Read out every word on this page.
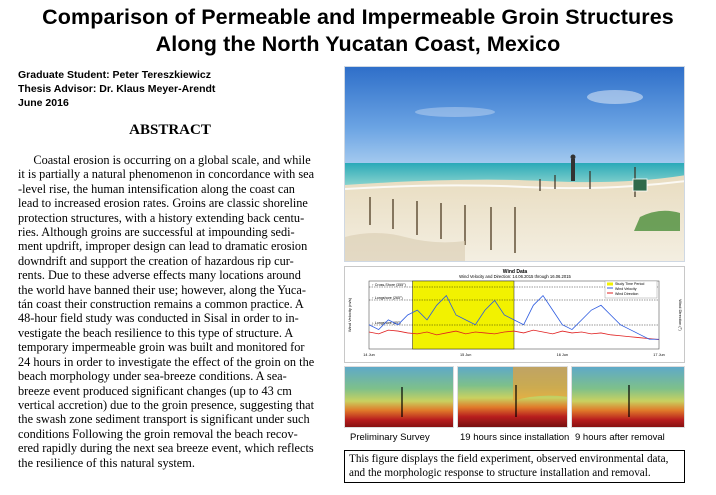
Comparison of Permeable and Impermeable Groin Structures
Along the North Yucatan Coast, Mexico
Graduate Student: Peter Tereszkiewicz
Thesis Advisor: Dr. Klaus Meyer-Arendt
June 2016
ABSTRACT
Coastal erosion is occurring on a global scale, and while
it is partially a natural phenomenon in concordance with sea
-level rise, the human intensification along the coast can
lead to increased erosion rates. Groins are classic shoreline
protection structures, with a history extending back centu-
ries. Although groins are successful at impounding sedi-
ment updrift, improper design can lead to dramatic erosion
downdrift and support the creation of hazardous rip cur-
rents. Due to these adverse effects many locations around
the world have banned their use; however, along the Yuca-
tán coast their construction remains a common practice. A
48-hour field study was conducted in Sisal in order to in-
vestigate the beach resilience to this type of structure. A
temporary impermeable groin was built and monitored for
24 hours in order to investigate the effect of the groin on the
beach morphology under sea-breeze conditions. A sea-
breeze event produced significant changes (up to 43 cm
vertical accretion) due to the groin presence, suggesting that
the swash zone sediment transport is significant under such
conditions Following the groin removal the beach recov-
ered rapidly during the next sea breeze event, which reflects
the resilience of this natural system.
Wind Data
Wind Velocity and Direction: 14.06.2015 through 16.06.2015
↑ Cross-Shore (355°)
↑ Longshore (265°)
↓ Longshore (85°)
14 Jun	15 Jun	16 Jun	17 Jun
Wind Velocity (m/s)	Wind Direction (°)
Study Time Period
Wind Velocity
Wind Direction
Preliminary Survey	19 hours since installation 9 hours after removal
This figure displays the field experiment, observed environmental data, and the morphologic response to structure installation and removal.
